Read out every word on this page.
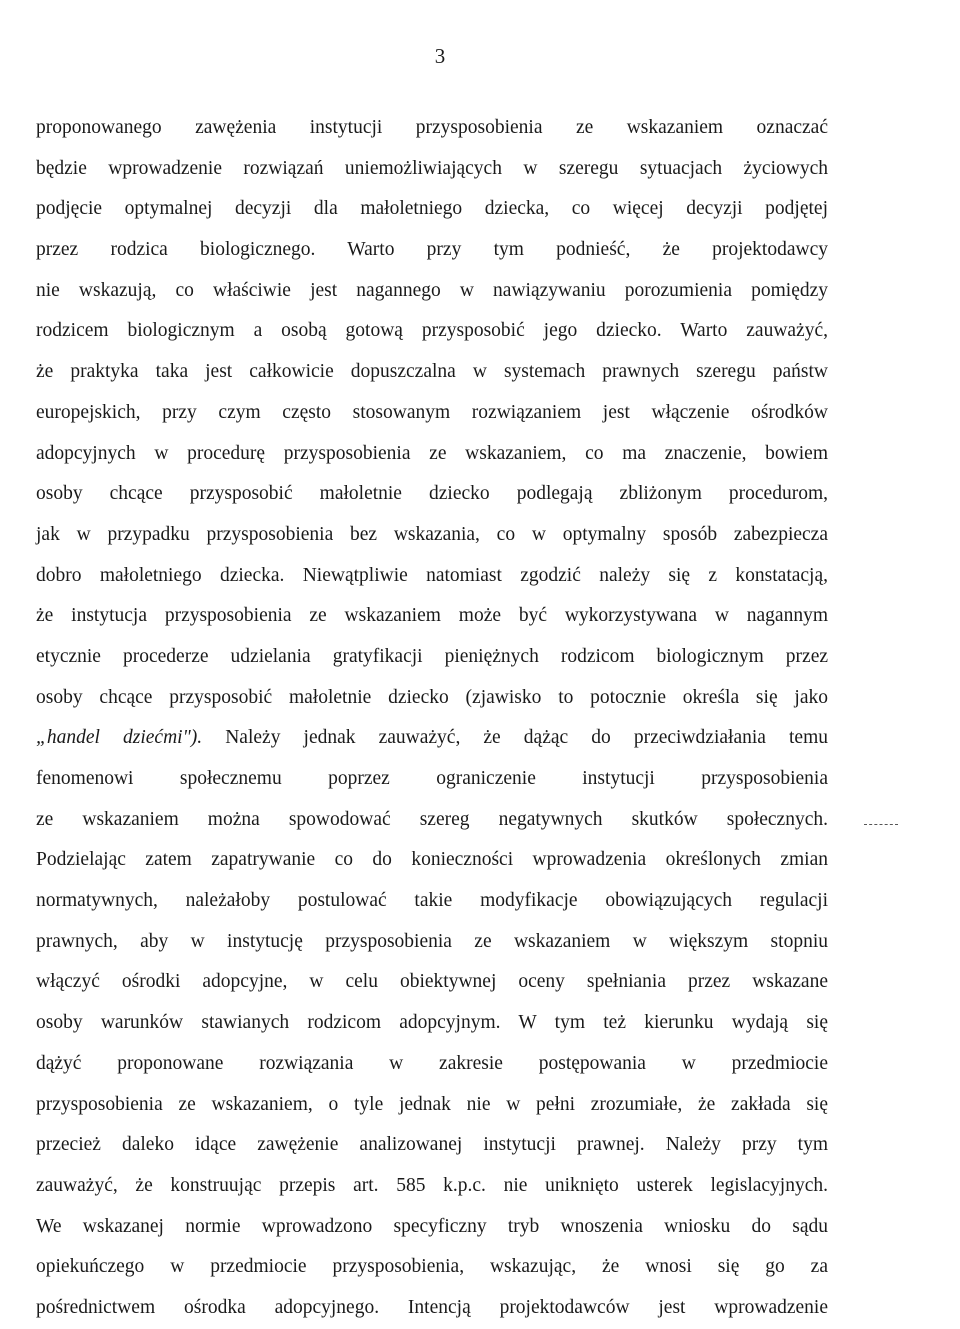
3
proponowanego zawężenia instytucji przysposobienia ze wskazaniem oznaczać
będzie wprowadzenie rozwiązań uniemożliwiających w szeregu sytuacjach życiowych
podjęcie optymalnej decyzji dla małoletniego dziecka, co więcej decyzji podjętej
przez rodzica biologicznego. Warto przy tym podnieść, że projektodawcy
nie wskazują, co właściwie jest nagannego w nawiązywaniu porozumienia pomiędzy
rodzicem biologicznym a osobą gotową przysposobić jego dziecko. Warto zauważyć,
że praktyka taka jest całkowicie dopuszczalna w systemach prawnych szeregu państw
europejskich, przy czym często stosowanym rozwiązaniem jest włączenie ośrodków
adopcyjnych w procedurę przysposobienia ze wskazaniem, co ma znaczenie, bowiem
osoby chcące przysposobić małoletnie dziecko podlegają zbliżonym procedurom,
jak w przypadku przysposobienia bez wskazania, co w optymalny sposób zabezpiecza
dobro małoletniego dziecka. Niewątpliwie natomiast zgodzić należy się z konstatacją,
że instytucja przysposobienia ze wskazaniem może być wykorzystywana w nagannym
etycznie procederze udzielania gratyfikacji pieniężnych rodzicom biologicznym przez
osoby chcące przysposobić małoletnie dziecko (zjawisko to potocznie określa się jako
„handel dziećmi"). Należy jednak zauważyć, że dążąc do przeciwdziałania temu
fenomenowi społecznemu poprzez ograniczenie instytucji przysposobienia
ze wskazaniem można spowodować szereg negatywnych skutków społecznych.
Podzielając zatem zapatrywanie co do konieczności wprowadzenia określonych zmian
normatywnych, należałoby postulować takie modyfikacje obowiązujących regulacji
prawnych, aby w instytucję przysposobienia ze wskazaniem w większym stopniu
włączyć ośrodki adopcyjne, w celu obiektywnej oceny spełniania przez wskazane
osoby warunków stawianych rodzicom adopcyjnym. W tym też kierunku wydają się
dążyć proponowane rozwiązania w zakresie postępowania w przedmiocie
przysposobienia ze wskazaniem, o tyle jednak nie w pełni zrozumiałe, że zakłada się
przecież daleko idące zawężenie analizowanej instytucji prawnej. Należy przy tym
zauważyć, że konstruując przepis art. 585 k.p.c. nie uniknięto usterek legislacyjnych.
We wskazanej normie wprowadzono specyficzny tryb wnoszenia wniosku do sądu
opiekuńczego w przedmiocie przysposobienia, wskazując, że wnosi się go za
pośrednictwem ośrodka adopcyjnego. Intencją projektodawców jest wprowadzenie
